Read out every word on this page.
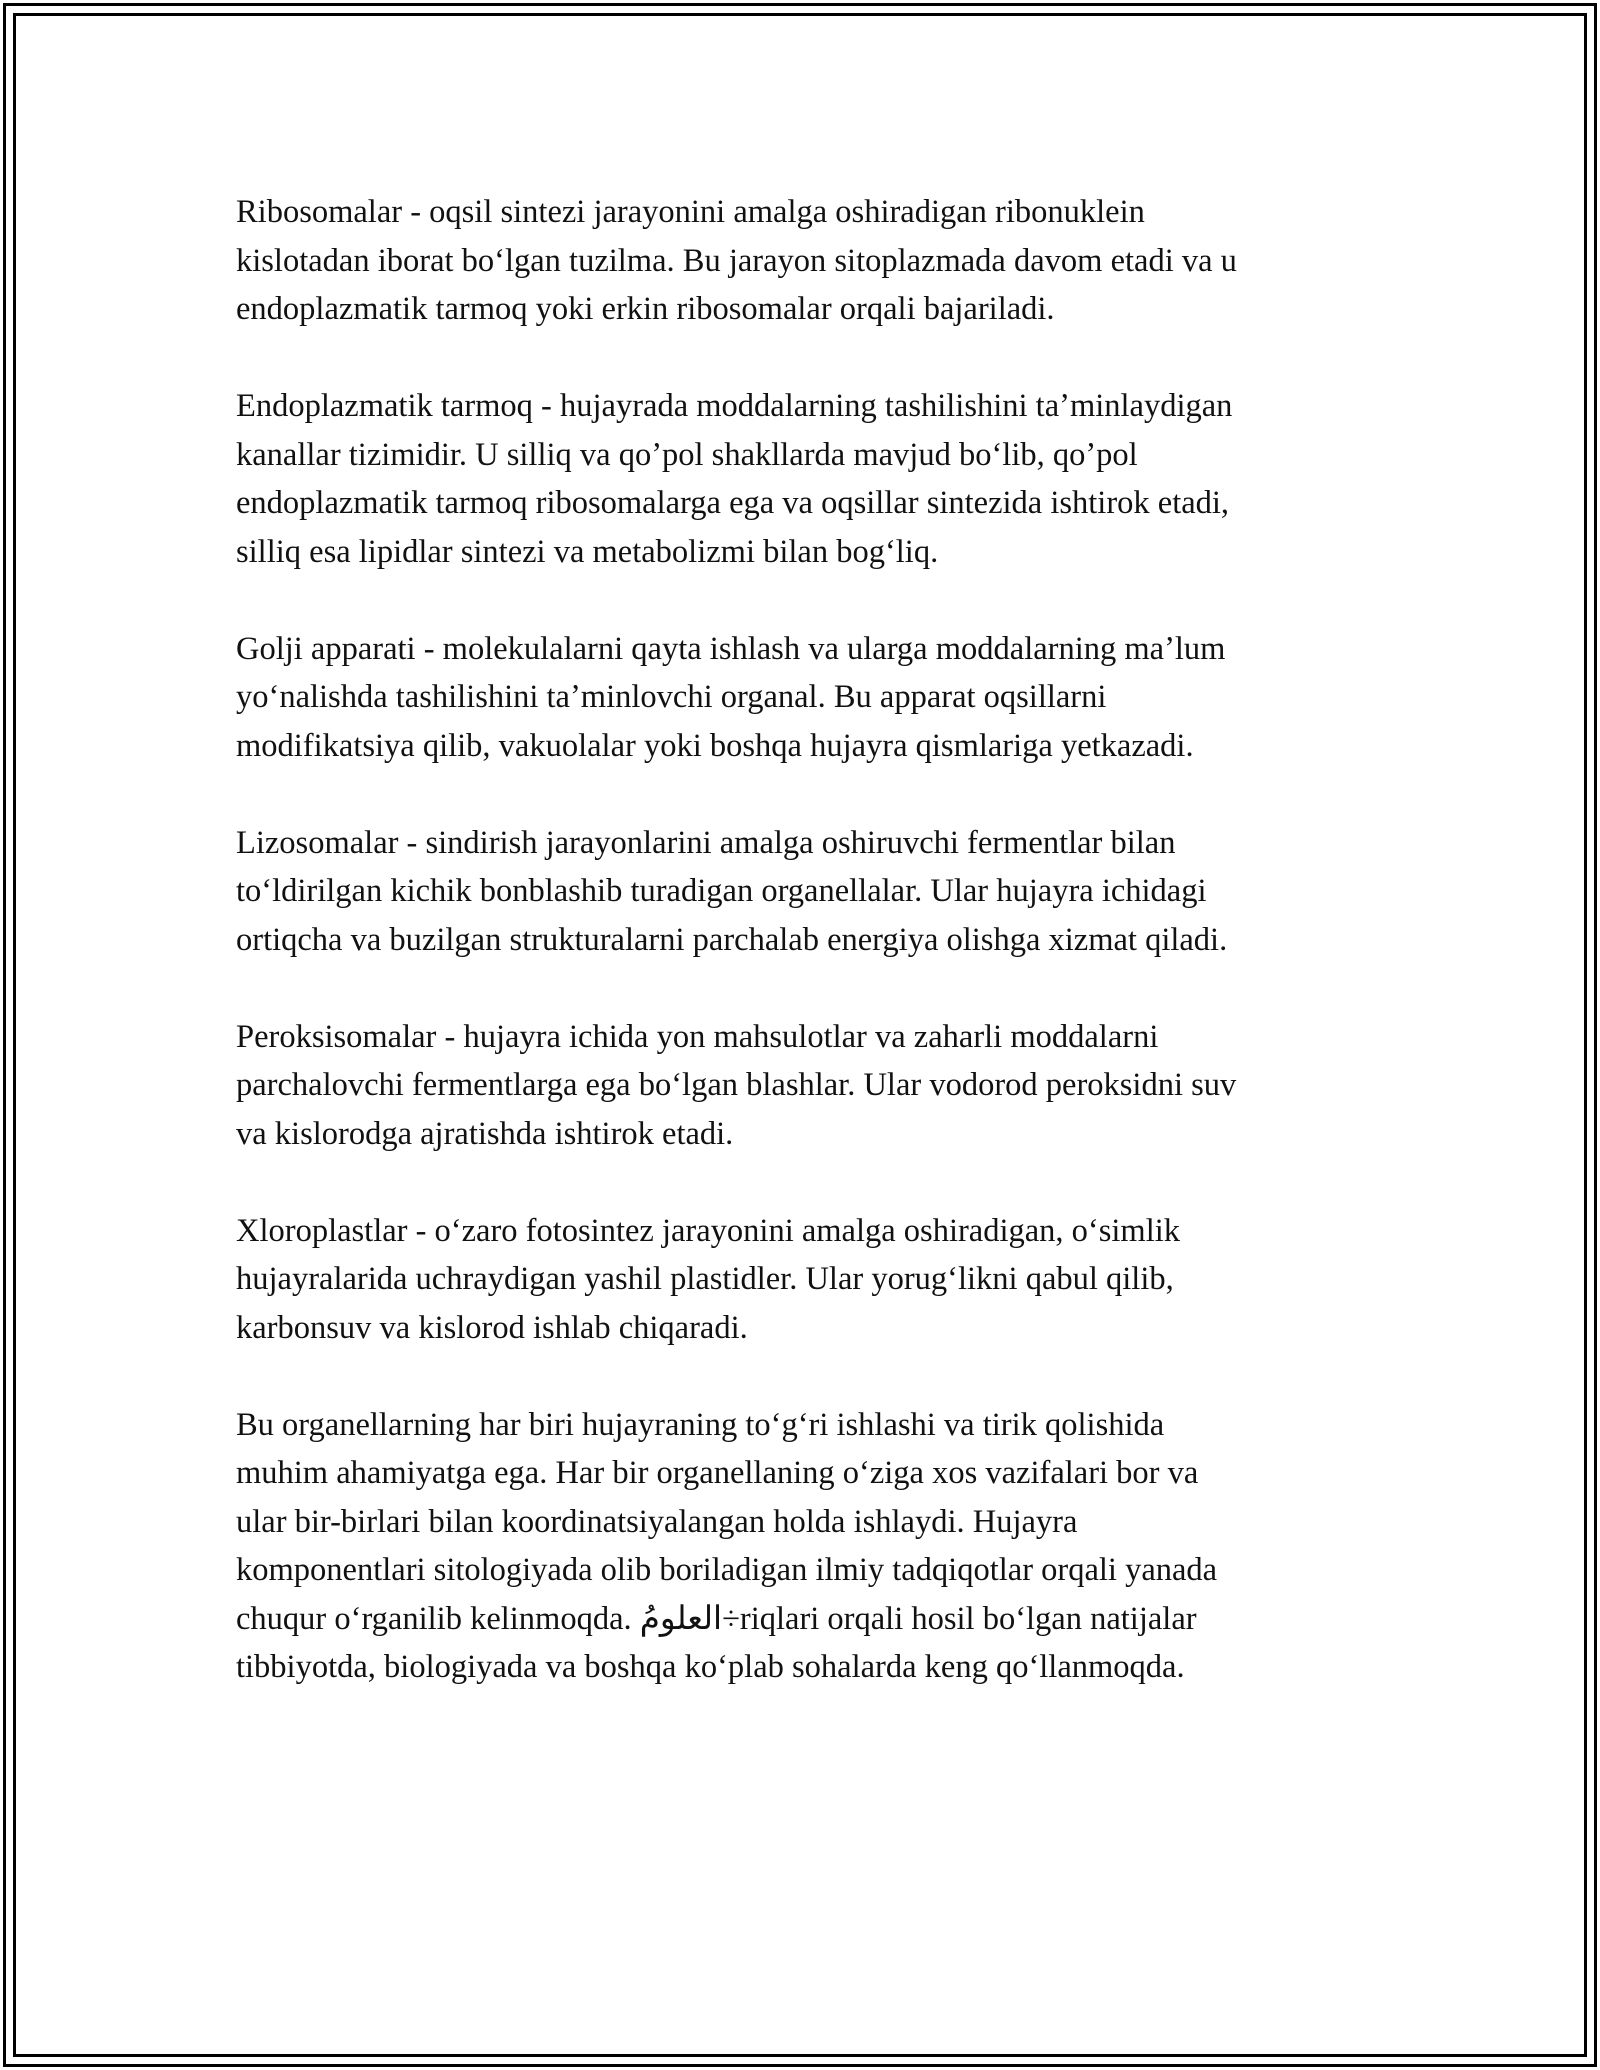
Ribosomalar - oqsil sintezi jarayonini amalga oshiradigan ribonuklein
kislotadan iborat boʻlgan tuzilma. Bu jarayon sitoplazmada davom etadi va u
endoplazmatik tarmoq yoki erkin ribosomalar orqali bajariladi.

Endoplazmatik tarmoq - hujayrada moddalarning tashilishini taʼminlaydigan
kanallar tizimidir. U silliq va qoʼpol shakllarda mavjud boʻlib, qoʼpol
endoplazmatik tarmoq ribosomalarga ega va oqsillar sintezida ishtirok etadi,
silliq esa lipidlar sintezi va metabolizmi bilan bogʻliq.

Golji apparati - molekulalarni qayta ishlash va ularga moddalarning maʼlum
yoʻnalishda tashilishini taʼminlovchi organal. Bu apparat oqsillarni
modifikatsiya qilib, vakuolalar yoki boshqa hujayra qismlariga yetkazadi.

Lizosomalar - sindirish jarayonlarini amalga oshiruvchi fermentlar bilan
toʻldirilgan kichik bonblashib turadigan organellalar. Ular hujayra ichidagi
ortiqcha va buzilgan strukturalarni parchalab energiya olishga xizmat qiladi.

Peroksisomalar - hujayra ichida yon mahsulotlar va zaharli moddalarni
parchalovchi fermentlarga ega boʻlgan blashlar. Ular vodorod peroksidni suv
va kislorodga ajratishda ishtirok etadi.

Xloroplastlar - oʻzaro fotosintez jarayonini amalga oshiradigan, oʻsimlik
hujayralarida uchraydigan yashil plastidler. Ular yorugʻlikni qabul qilib,
karbonsuv va kislorod ishlab chiqaradi.

Bu organellarning har biri hujayraning toʻgʻri ishlashi va tirik qolishida
muhim ahamiyatga ega. Har bir organellaning oʻziga xos vazifalari bor va
ular bir-birlari bilan koordinatsiyalangan holda ishlaydi. Hujayra
komponentlari sitologiyada olib boriladigan ilmiy tadqiqotlar orqali yanada
chuqur oʻrganilib kelinmoqda. العلومُ÷riqlari orqali hosil boʻlgan natijalar
tibbiyotda, biologiyada va boshqa koʻplab sohalarda keng qoʻllanmoqda.
